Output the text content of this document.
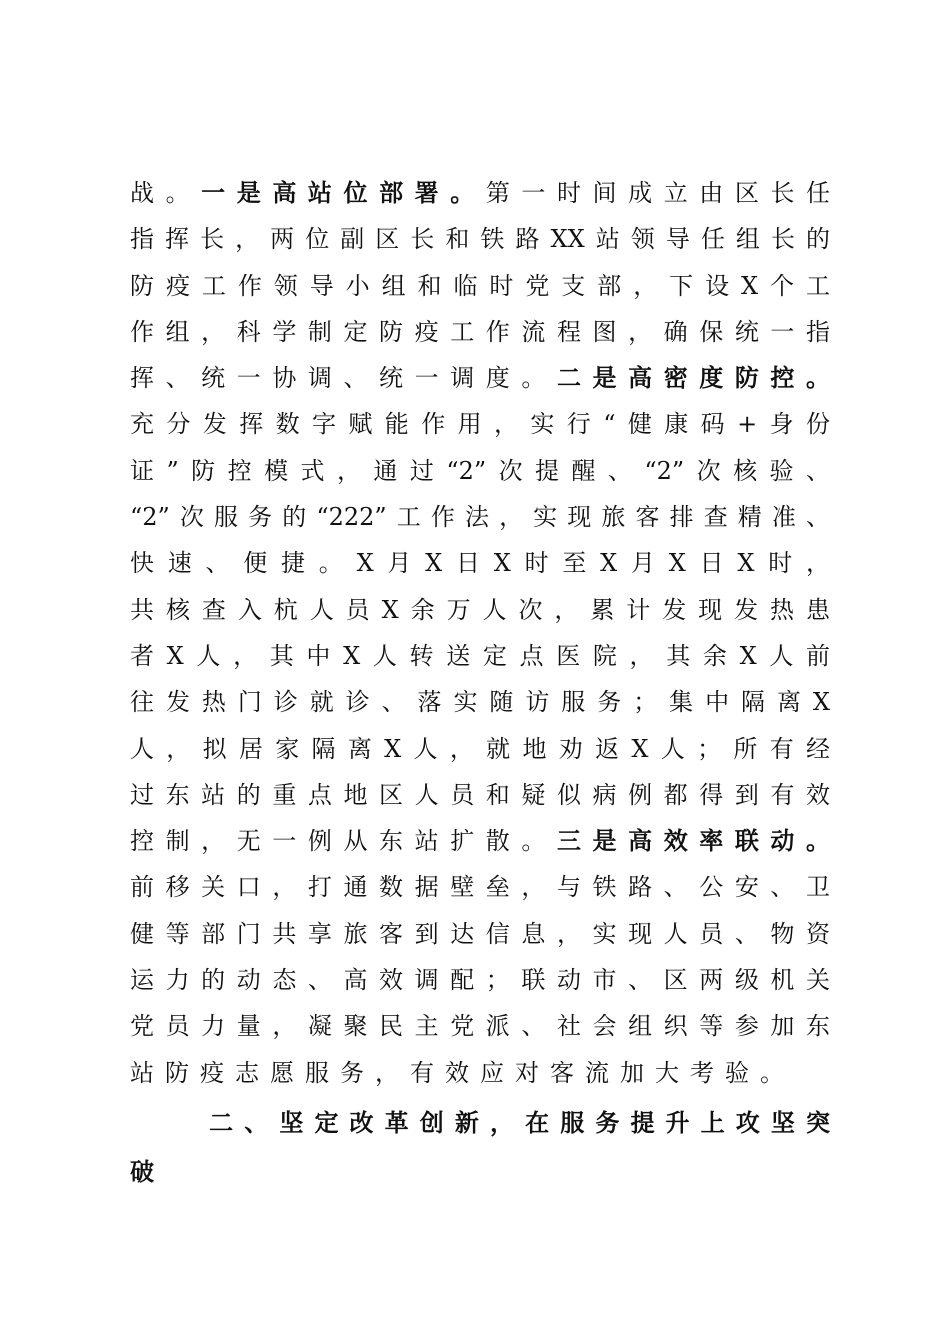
战。一是高站位部署。第一时间成立由区长任
指挥长，两位副区长和铁路XX站领导任组长的
防疫工作领导小组和临时党支部，下设X个工
作组，科学制定防疫工作流程图，确保统一指
挥、统一协调、统一调度。二是高密度防控。
充分发挥数字赋能作用，实行“健康码+身份
证”防控模式，通过“2”次提醒、“2”次核验、
“2”次服务的“222”工作法，实现旅客排查精准、
快速、便捷。X月X日X时至X月X日X时，
共核查入杭人员X余万人次，累计发现发热患
者X人，其中X人转送定点医院，其余X人前
往发热门诊就诊、落实随访服务；集中隔离X
人，拟居家隔离X人，就地劝返X人；所有经
过东站的重点地区人员和疑似病例都得到有效
控制，无一例从东站扩散。三是高效率联动。
前移关口，打通数据壁垒，与铁路、公安、卫
健等部门共享旅客到达信息，实现人员、物资
运力的动态、高效调配；联动市、区两级机关
党员力量，凝聚民主党派、社会组织等参加东
站防疫志愿服务，有效应对客流加大考验。
二、坚定改革创新，在服务提升上攻坚突
破
